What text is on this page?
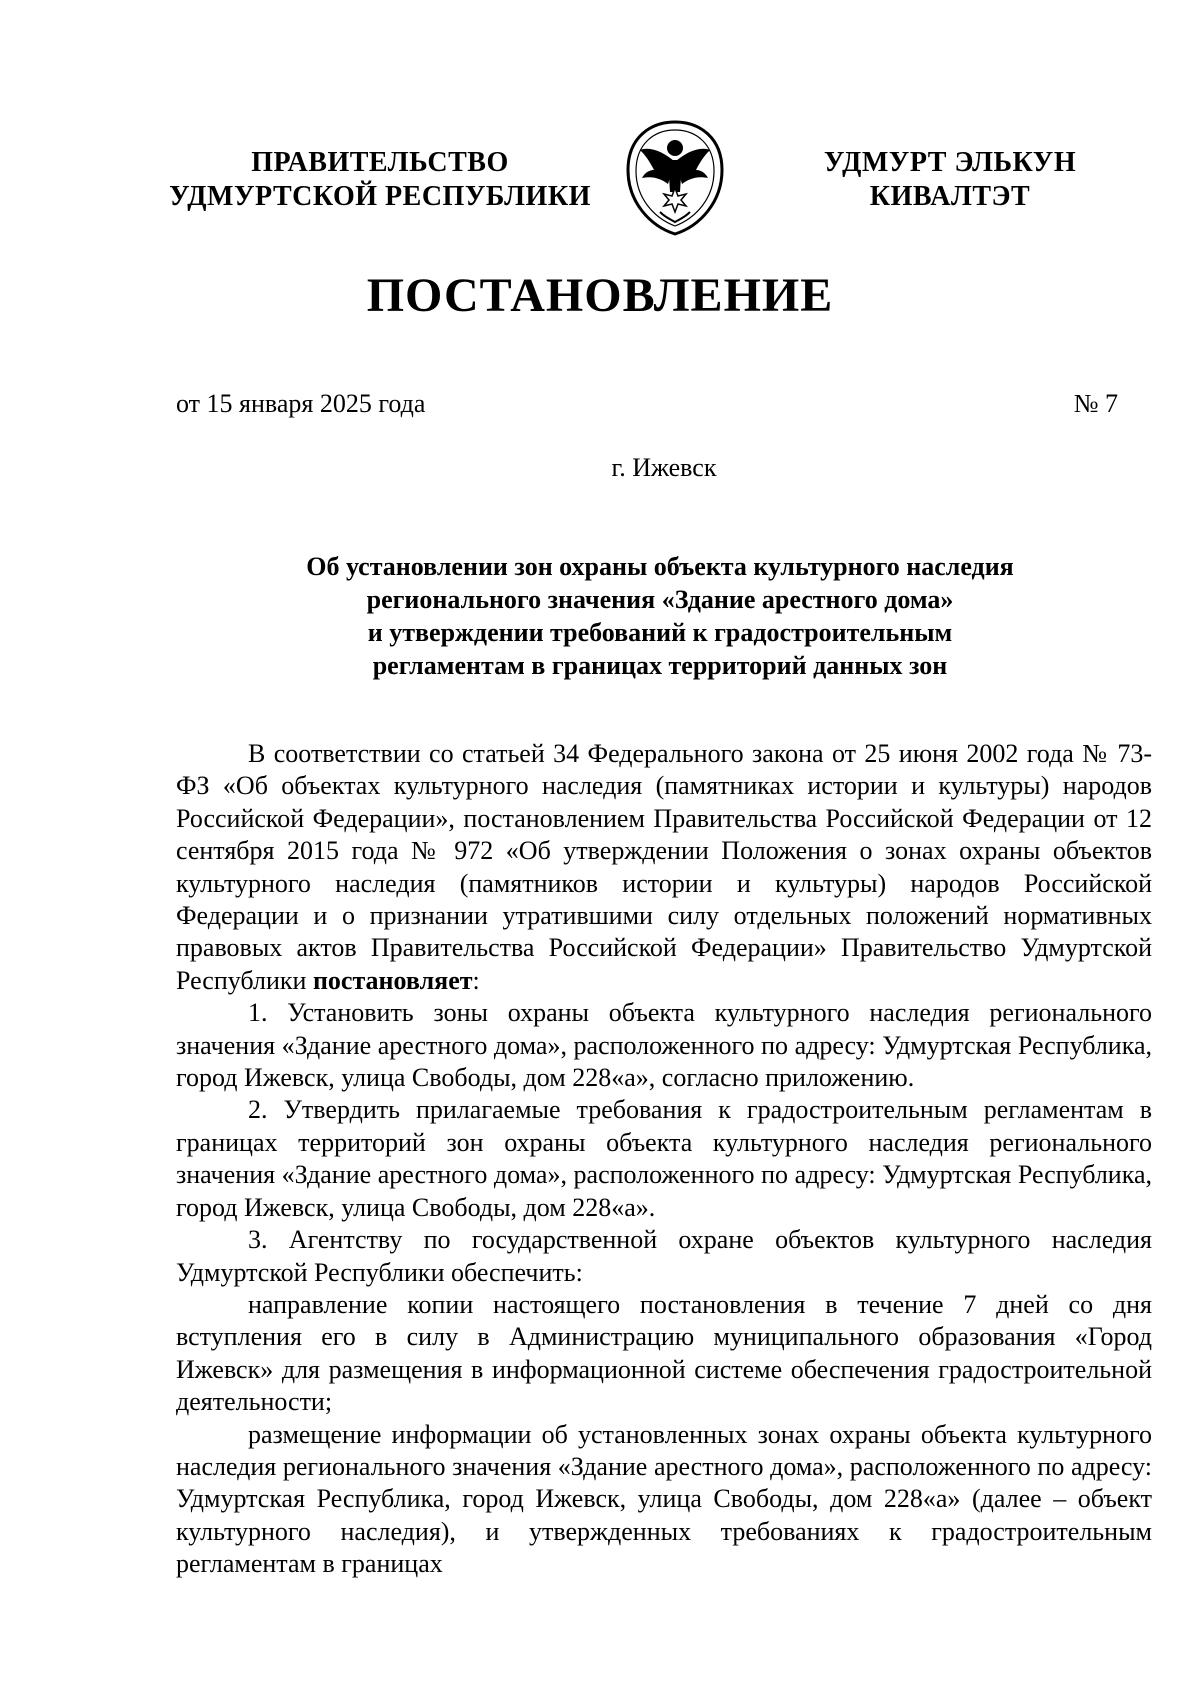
ПРАВИТЕЛЬСТВО
УДМУРТСКОЙ РЕСПУБЛИКИ
УДМУРТ ЭЛЬКУН
КИВАЛТЭТ
ПОСТАНОВЛЕНИЕ
от 15 января 2025 года	№ 7
г. Ижевск
Об установлении зон охраны объекта культурного наследия
регионального значения «Здание арестного дома»
и утверждении требований к градостроительным
регламентам в границах территорий данных зон

В соответствии со статьей 34 Федерального закона от 25 июня 2002 года № 73-ФЗ «Об объектах культурного наследия (памятниках истории и культуры) народов Российской Федерации», постановлением Правительства Российской Федерации от 12 сентября 2015 года № 972 «Об утверждении Положения о зонах охраны объектов культурного наследия (памятников истории и культуры) народов Российской Федерации и о признании утратившими силу отдельных положений нормативных правовых актов Правительства Российской Федерации» Правительство Удмуртской Республики постановляет:

1. Установить зоны охраны объекта культурного наследия регионального значения «Здание арестного дома», расположенного по адресу: Удмуртская Республика, город Ижевск, улица Свободы, дом 228«а», согласно приложению.

2. Утвердить прилагаемые требования к градостроительным регламентам в границах территорий зон охраны объекта культурного наследия регионального значения «Здание арестного дома», расположенного по адресу: Удмуртская Республика, город Ижевск, улица Свободы, дом 228«а».

3. Агентству по государственной охране объектов культурного наследия Удмуртской Республики обеспечить:

направление копии настоящего постановления в течение 7 дней со дня вступления его в силу в Администрацию муниципального образования «Город Ижевск» для размещения в информационной системе обеспечения градостроительной деятельности;

размещение информации об установленных зонах охраны объекта культурного наследия регионального значения «Здание арестного дома», расположенного по адресу: Удмуртская Республика, город Ижевск, улица Свободы, дом 228«а» (далее – объект культурного наследия), и утвержденных требованиях к градостроительным регламентам в границах
